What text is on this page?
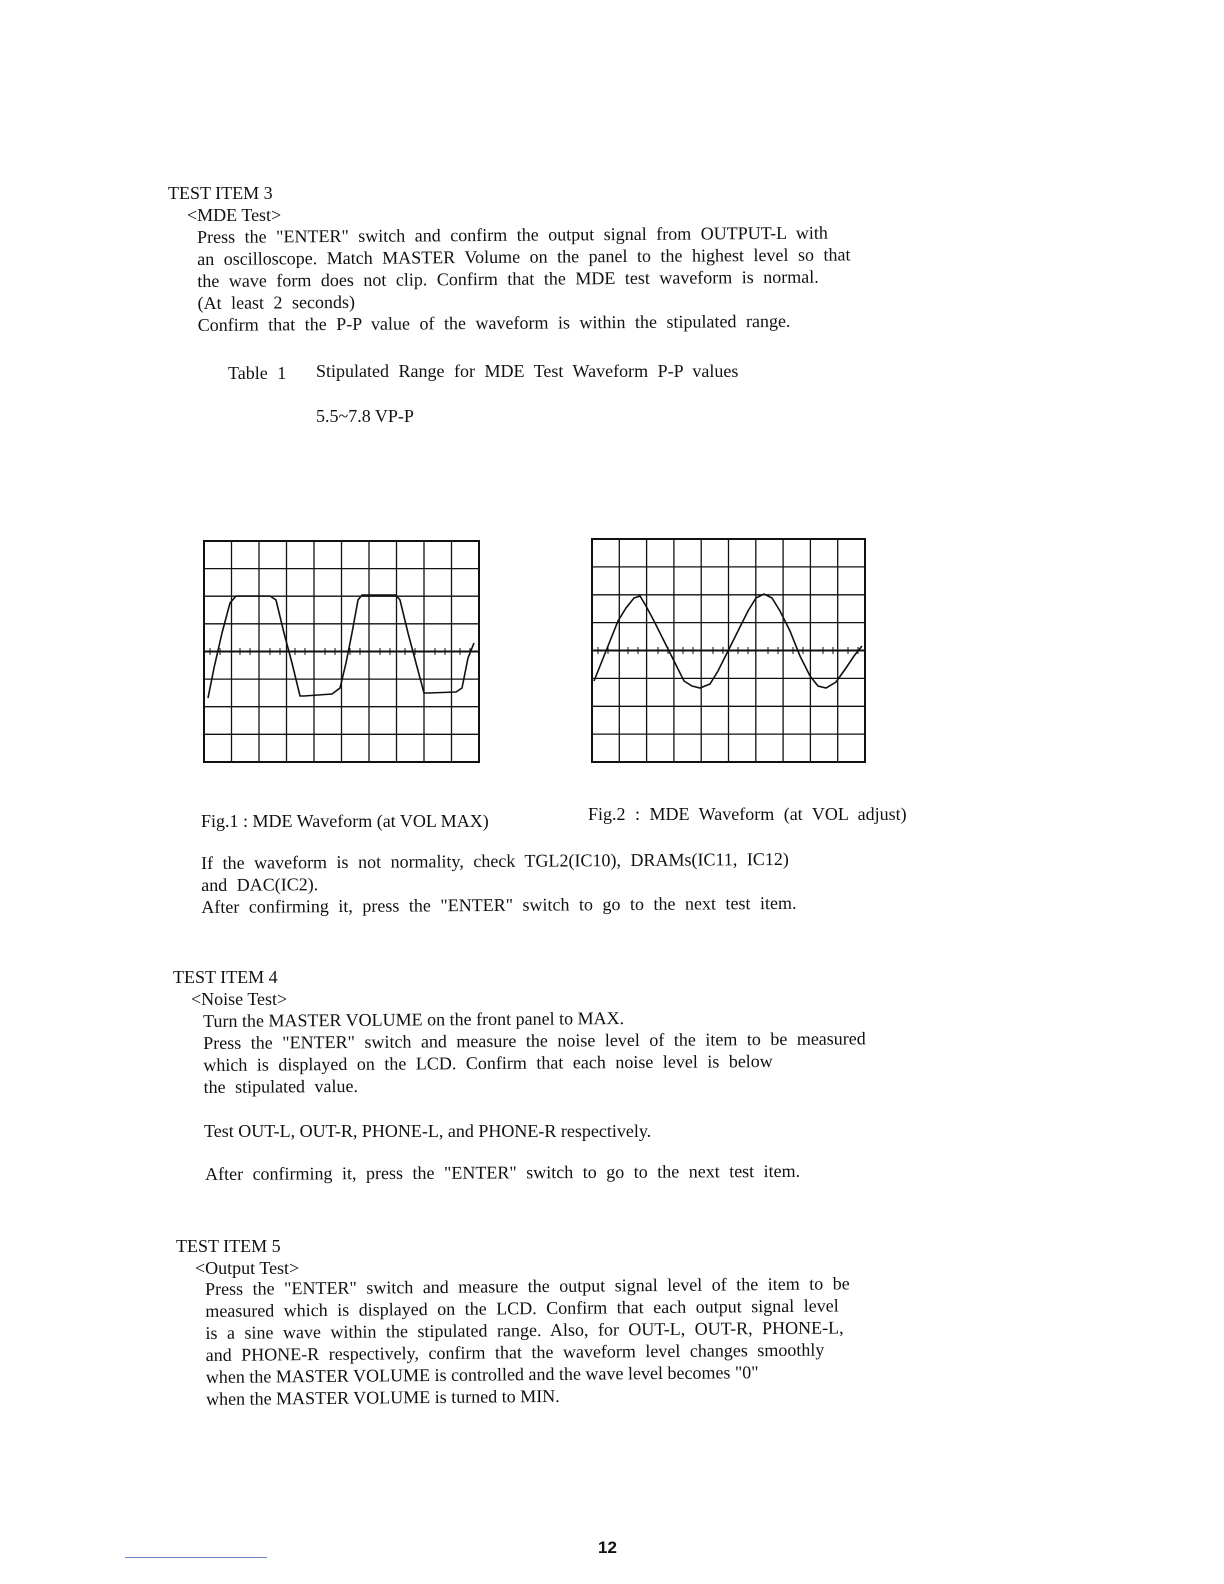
TEST ITEM 3
<MDE Test>
Press the "ENTER" switch and confirm the output signal from OUTPUT-L with
an oscilloscope. Match MASTER Volume on the panel to the highest level so that
the wave form does not clip. Confirm that the MDE test waveform is normal.
(At least 2 seconds)
Confirm that the P-P value of the waveform is within the stipulated range.
Table 1 Stipulated Range for MDE Test Waveform P-P values
5.5~7.8 VP-P
Fig.1 : MDE Waveform (at VOL MAX)	Fig.2 : MDE Waveform (at VOL adjust)
If the waveform is not normality, check TGL2(IC10), DRAMs(IC11, IC12)
and DAC(IC2).
After confirming it, press the "ENTER" switch to go to the next test item.
TEST ITEM 4
<Noise Test>
Turn the MASTER VOLUME on the front panel to MAX.
Press the "ENTER" switch and measure the noise level of the item to be measured
which is displayed on the LCD. Confirm that each noise level is below
the stipulated value.
Test OUT-L, OUT-R, PHONE-L, and PHONE-R respectively.
After confirming it, press the "ENTER" switch to go to the next test item.
TEST ITEM 5
<Output Test>
Press the "ENTER" switch and measure the output signal level of the item to be
measured which is displayed on the LCD. Confirm that each output signal level
is a sine wave within the stipulated range. Also, for OUT-L, OUT-R, PHONE-L,
and PHONE-R respectively, confirm that the waveform level changes smoothly
when the MASTER VOLUME is controlled and the wave level becomes "0"
when the MASTER VOLUME is turned to MIN.
12
